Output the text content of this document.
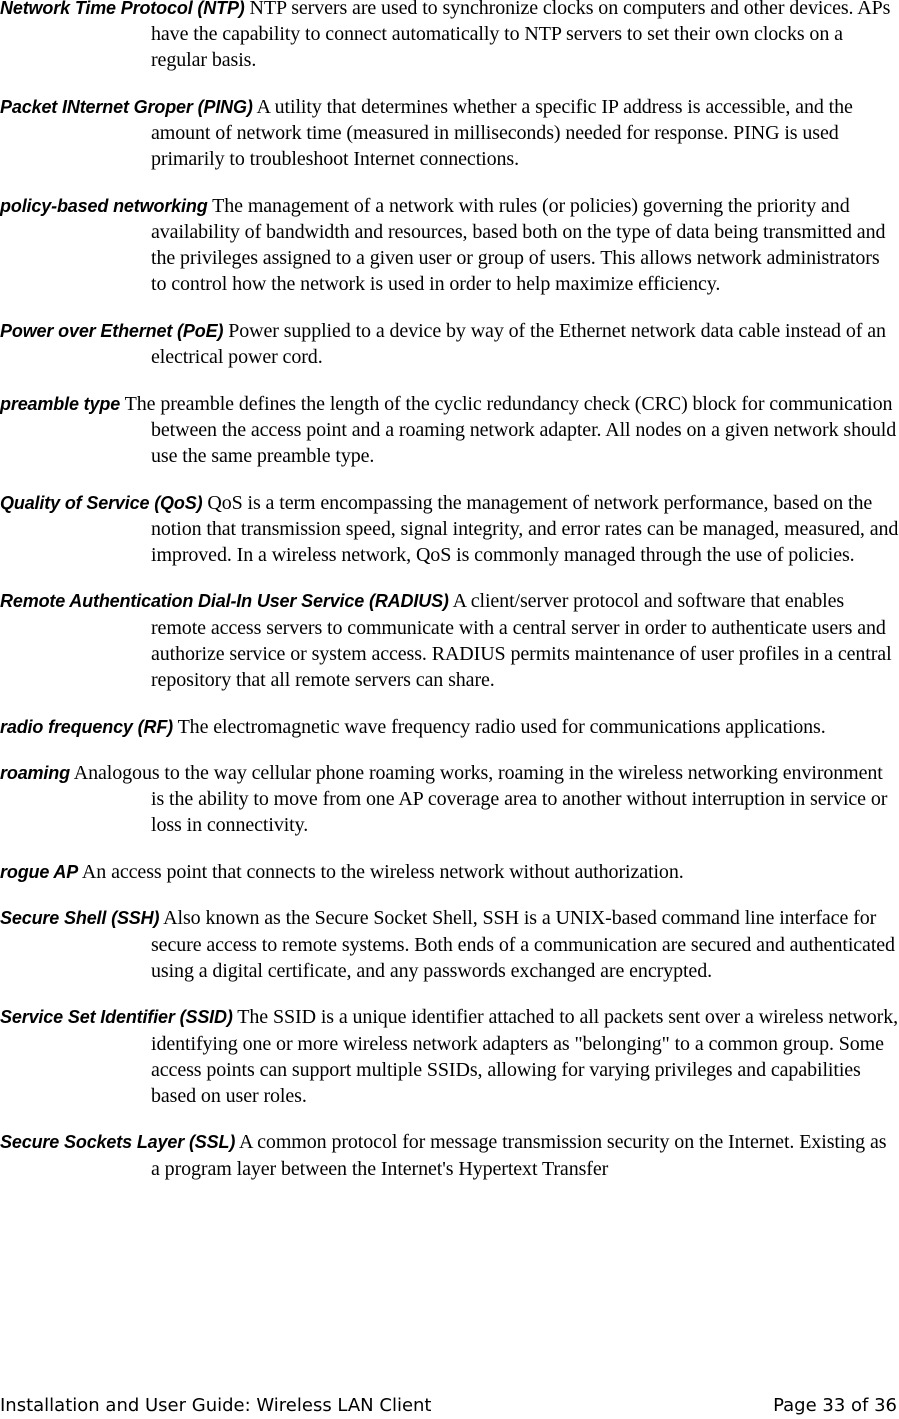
Network Time Protocol (NTP) NTP servers are used to synchronize clocks on computers and other devices. APs have the capability to connect automatically to NTP servers to set their own clocks on a regular basis.

Packet INternet Groper (PING) A utility that determines whether a specific IP address is accessible, and the amount of network time (measured in milliseconds) needed for response. PING is used primarily to troubleshoot Internet connections.

policy-based networking The management of a network with rules (or policies) governing the priority and availability of bandwidth and resources, based both on the type of data being transmitted and the privileges assigned to a given user or group of users. This allows network administrators to control how the network is used in order to help maximize efficiency.

Power over Ethernet (PoE) Power supplied to a device by way of the Ethernet network data cable instead of an electrical power cord.

preamble type The preamble defines the length of the cyclic redundancy check (CRC) block for communication between the access point and a roaming network adapter. All nodes on a given network should use the same preamble type.

Quality of Service (QoS) QoS is a term encompassing the management of network performance, based on the notion that transmission speed, signal integrity, and error rates can be managed, measured, and improved. In a wireless network, QoS is commonly managed through the use of policies.

Remote Authentication Dial-In User Service (RADIUS) A client/server protocol and software that enables remote access servers to communicate with a central server in order to authenticate users and authorize service or system access. RADIUS permits maintenance of user profiles in a central repository that all remote servers can share.

radio frequency (RF) The electromagnetic wave frequency radio used for communications applications.

roaming Analogous to the way cellular phone roaming works, roaming in the wireless networking environment is the ability to move from one AP coverage area to another without interruption in service or loss in connectivity.

rogue AP An access point that connects to the wireless network without authorization.

Secure Shell (SSH) Also known as the Secure Socket Shell, SSH is a UNIX-based command line interface for secure access to remote systems. Both ends of a communication are secured and authenticated using a digital certificate, and any passwords exchanged are encrypted.

Service Set Identifier (SSID) The SSID is a unique identifier attached to all packets sent over a wireless network, identifying one or more wireless network adapters as "belonging" to a common group. Some access points can support multiple SSIDs, allowing for varying privileges and capabilities based on user roles.

Secure Sockets Layer (SSL) A common protocol for message transmission security on the Internet. Existing as a program layer between the Internet's Hypertext Transfer

Installation and User Guide: Wireless LAN Client	Page 33 of 36
